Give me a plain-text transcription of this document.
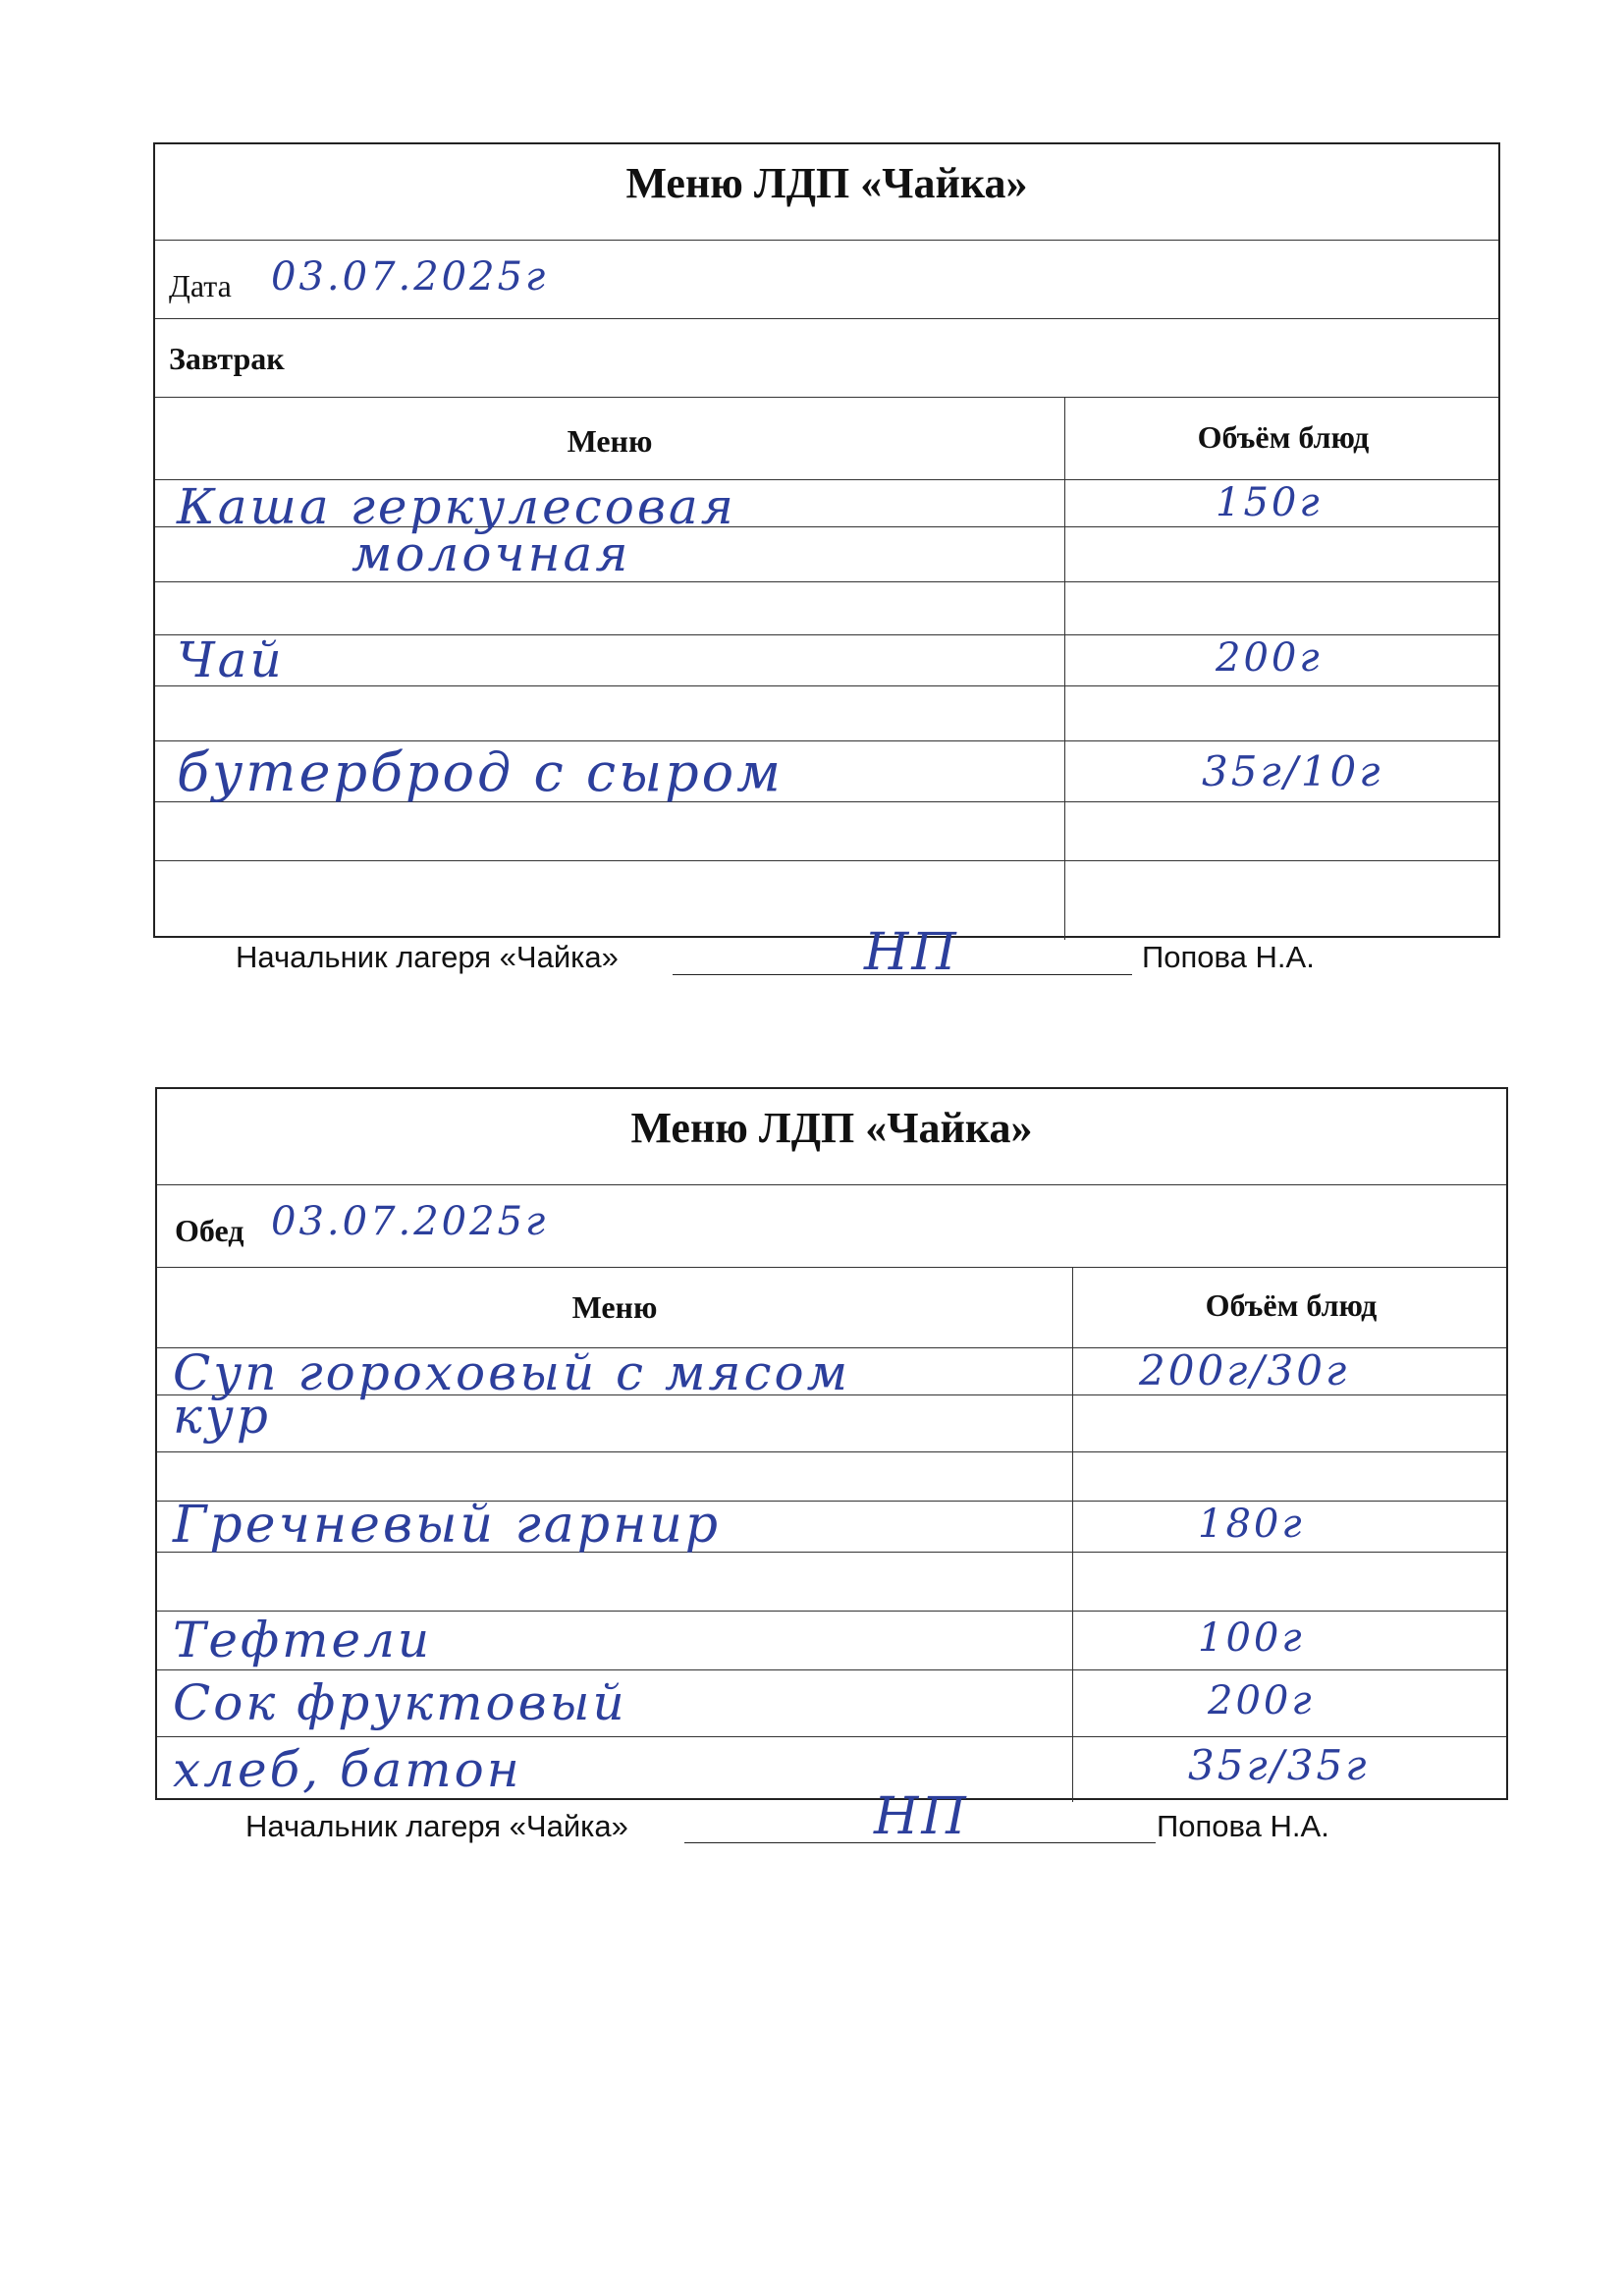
Меню ЛДП «Чайка»
Дата 03.07.2025г
Завтрак
Меню	Объём блюд
Каша геркулесовая	150г
молочная
Чай	200г
бутерброд с сыром	35г/10г
Начальник лагеря «Чайка»	НП	Попова Н.А.
Меню ЛДП «Чайка»
Обед 03.07.2025г
Меню	Объём блюд
Суп гороховый с мясом	200г/30г
кур
Гречневый гарнир	180г
Тефтели	100г
Сок фруктовый	200г
хлеб, батон	35г/35г
Начальник лагеря «Чайка»	НП	Попова Н.А.
